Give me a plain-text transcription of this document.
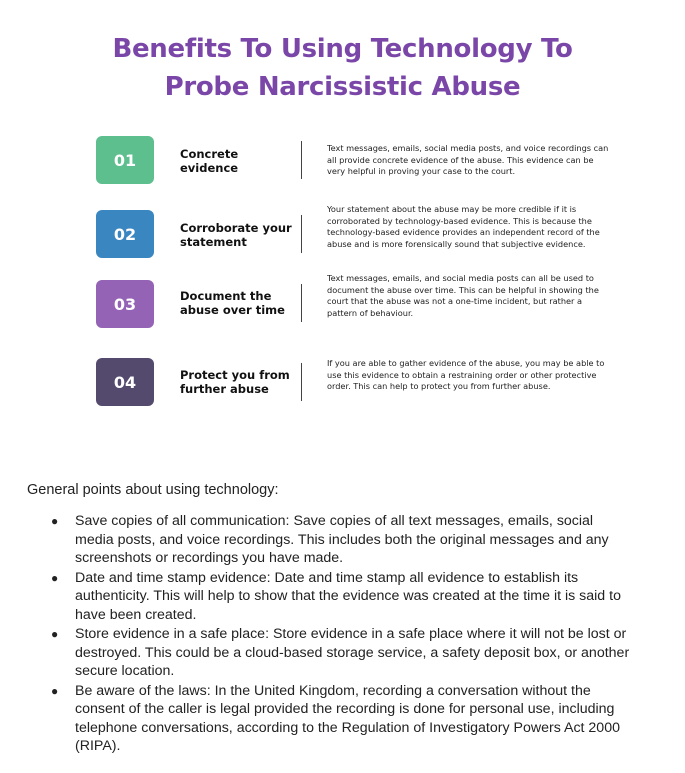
Benefits To Using Technology To
Probe Narcissistic Abuse
01	Concrete
evidence
Text messages, emails, social media posts, and voice recordings can
all provide concrete evidence of the abuse. This evidence can be
very helpful in proving your case to the court.
02	Corroborate your
statement
Your statement about the abuse may be more credible if it is
corroborated by technology-based evidence. This is because the
technology-based evidence provides an independent record of the
abuse and is more forensically sound that subjective evidence.
03	Document the
abuse over time
Text messages, emails, and social media posts can all be used to
document the abuse over time. This can be helpful in showing the
court that the abuse was not a one-time incident, but rather a
pattern of behaviour.
04	Protect you from
further abuse
If you are able to gather evidence of the abuse, you may be able to
use this evidence to obtain a restraining order or other protective
order. This can help to protect you from further abuse.
General points about using technology:
● Save copies of all communication: Save copies of all text messages, emails, social
media posts, and voice recordings. This includes both the original messages and any
screenshots or recordings you have made.
● Date and time stamp evidence: Date and time stamp all evidence to establish its
authenticity. This will help to show that the evidence was created at the time it is said to
have been created.
● Store evidence in a safe place: Store evidence in a safe place where it will not be lost or
destroyed. This could be a cloud-based storage service, a safety deposit box, or another
secure location.
● Be aware of the laws: In the United Kingdom, recording a conversation without the
consent of the caller is legal provided the recording is done for personal use, including
telephone conversations, according to the Regulation of Investigatory Powers Act 2000
(RIPA).
